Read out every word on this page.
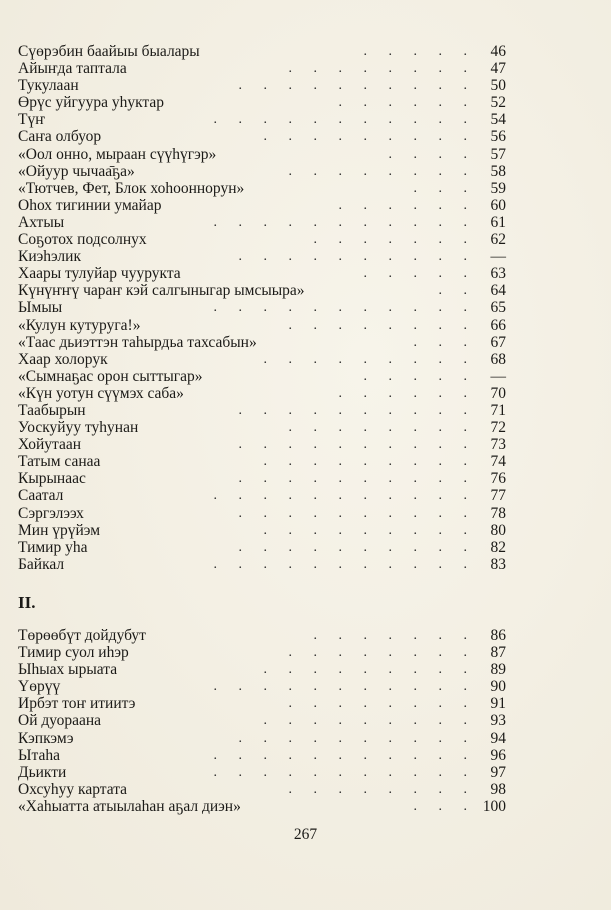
Сүөрэбин баайыы быалары	. . . . . 46
Айыҥда таптала	. . . . . . . . 47
Тукулаан	. . . . . . . . . . 50
Өрүс уйгуура уһуктар	. . . . . . 52
Түҥ	. . . . . . . . . . . 54
Саҥа олбуор	. . . . . . . . . 56
«Оол онно, мыраан сүүһүгэр»	. . . . 57
«Ойуур чычаа̄ҕа»	. . . . . . . . 58
«Тютчев, Фет, Блок хоһооннорун»	. . . 59
Оһох тигинии умайар	. . . . . . 60
Ахтыы	. . . . . . . . . . . 61
Соҕотох подсолнух	. . . . . . . 62
Киэһэлик	. . . . . . . . . . —
Хаары тулуйар чуурукта	. . . . . 63
Күнүҥҥү чараҥ кэй салгыныгар ымсыыра»	. . 64
Ымыы	. . . . . . . . . . . 65
«Кулун кутуруга!»	. . . . . . . . 66
«Таас дьиэттэн таһырдьа тахсабын»	. . . 67
Хаар холорук	. . . . . . . . . 68
«Сымнаҕас орон сыттыгар»	. . . . . —
«Күн уотун сүүмэх саба»	. . . . . . 70
Таабырын	. . . . . . . . . . 71
Уоскуйуу туһунан	. . . . . . . . 72
Хойутаан	. . . . . . . . . . 73
Татым санаа	. . . . . . . . . 74
Кырынаас	. . . . . . . . . . 76
Саатал	. . . . . . . . . . . 77
Сэргэлээх	. . . . . . . . . . 78
Мин үрүйэм	. . . . . . . . . 80
Тимир уһа	. . . . . . . . . . 82
Байкал	. . . . . . . . . . . 83
II.
Төрөөбүт дойдубут	. . . . . . . 86
Тимир суол иһэр	. . . . . . . . 87
Ыһыах ырыата	. . . . . . . . . 89
Үөрүү	. . . . . . . . . . . 90
Ирбэт тоҥ итиитэ	. . . . . . . . 91
Ой дуораана	. . . . . . . . . 93
Кэпкэмэ	. . . . . . . . . . 94
Ытаһа	. . . . . . . . . . . 96
Дьикти	. . . . . . . . . . . 97
Охсуһуу картата	. . . . . . . . 98
«Хаһыатта атыылаһан аҕал диэн»	. . . 100
267
